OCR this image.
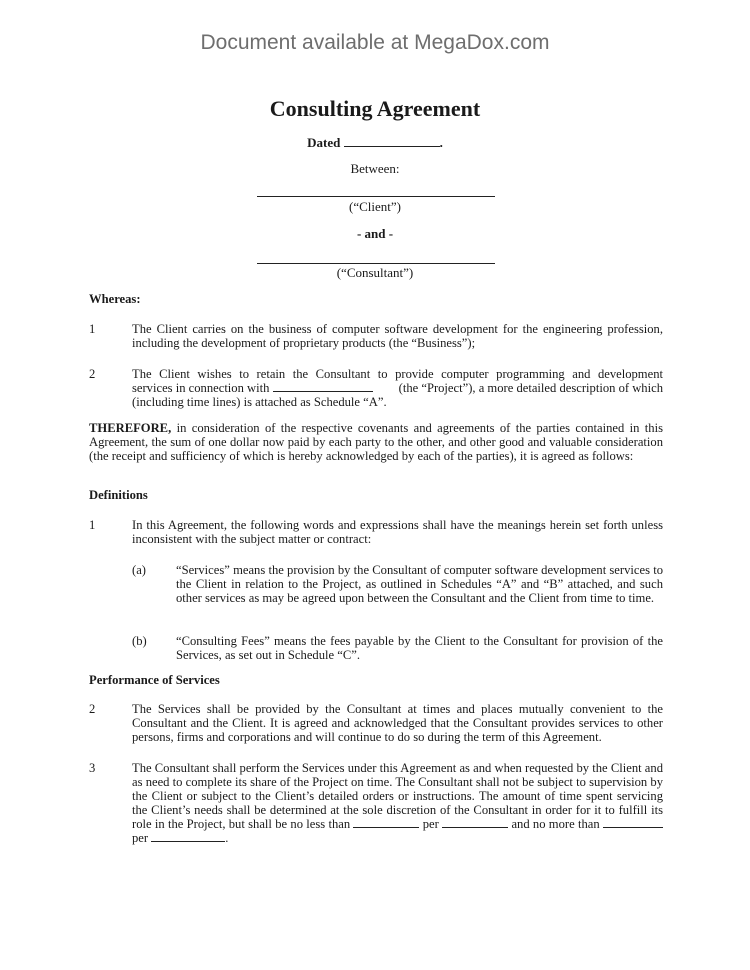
Document available at MegaDox.com
Consulting Agreement
Dated	.
Between:
(“Client”)
- and -
(“Consultant”)
Whereas:
1	The Client carries on the business of computer software development for the engineering profession, including the development of proprietary products (the “Business”);
2	The Client wishes to retain the Consultant to provide computer programming and development
services in connection with	(the “Project”), a more detailed description of which
(including time lines) is attached as Schedule “A”.
THEREFORE, in consideration of the respective covenants and agreements of the parties contained in this Agreement, the sum of one dollar now paid by each party to the other, and other good and valuable consideration (the receipt and sufficiency of which is hereby acknowledged by each of the parties), it is agreed as follows:
Definitions
1	In this Agreement, the following words and expressions shall have the meanings herein set forth unless inconsistent with the subject matter or contract:
(a) “Services” means the provision by the Consultant of computer software development services to the Client in relation to the Project, as outlined in Schedules “A” and “B” attached, and such other services as may be agreed upon between the Consultant and the Client from time to time.
(b) “Consulting Fees” means the fees payable by the Client to the Consultant for provision of the Services, as set out in Schedule “C”.
Performance of Services
2	The Services shall be provided by the Consultant at times and places mutually convenient to the Consultant and the Client. It is agreed and acknowledged that the Consultant provides services to other persons, firms and corporations and will continue to do so during the term of this Agreement.
3	The Consultant shall perform the Services under this Agreement as and when requested by the Client and as need to complete its share of the Project on time. The Consultant shall not be subject to supervision by the Client or subject to the Client’s detailed orders or instructions. The amount of time spent servicing the Client’s needs shall be determined at the sole discretion of the Consultant in order for it to fulfill its role in the Project, but shall be no less than	per	and no more than  per	.
